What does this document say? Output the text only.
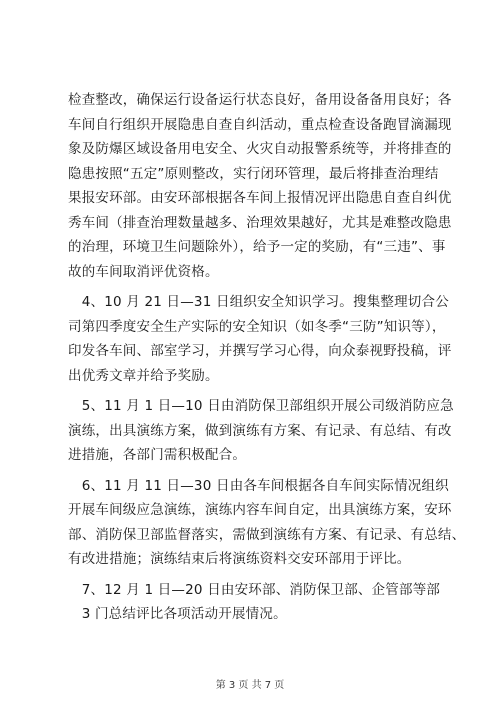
检查整改，确保运行设备运行状态良好，备用设备备用良好；各
车间自行组织开展隐患自查自纠活动，重点检查设备跑冒滴漏现
象及防爆区域设备用电安全、火灾自动报警系统等，并将排查的
隐患按照“五定”原则整改，实行闭环管理，最后将排查治理结
果报安环部。由安环部根据各车间上报情况评出隐患自查自纠优
秀车间（排查治理数量越多、治理效果越好，尤其是难整改隐患
的治理，环境卫生问题除外），给予一定的奖励，有“三违”、事
故的车间取消评优资格。
　4、10 月 21 日—31 日组织安全知识学习。搜集整理切合公
司第四季度安全生产实际的安全知识（如冬季“三防”知识等），
印发各车间、部室学习，并撰写学习心得，向众泰视野投稿，评
出优秀文章并给予奖励。
　5、11 月 1 日—10 日由消防保卫部组织开展公司级消防应急
演练，出具演练方案，做到演练有方案、有记录、有总结、有改
进措施，各部门需积极配合。
　6、11 月 11 日—30 日由各车间根据各自车间实际情况组织
开展车间级应急演练，演练内容车间自定，出具演练方案，安环
部、消防保卫部监督落实，需做到演练有方案、有记录、有总结、
有改进措施；演练结束后将演练资料交安环部用于评比。
　7、12 月 1 日—20 日由安环部、消防保卫部、企管部等部
　3 门总结评比各项活动开展情况。
第 3 页 共 7 页
